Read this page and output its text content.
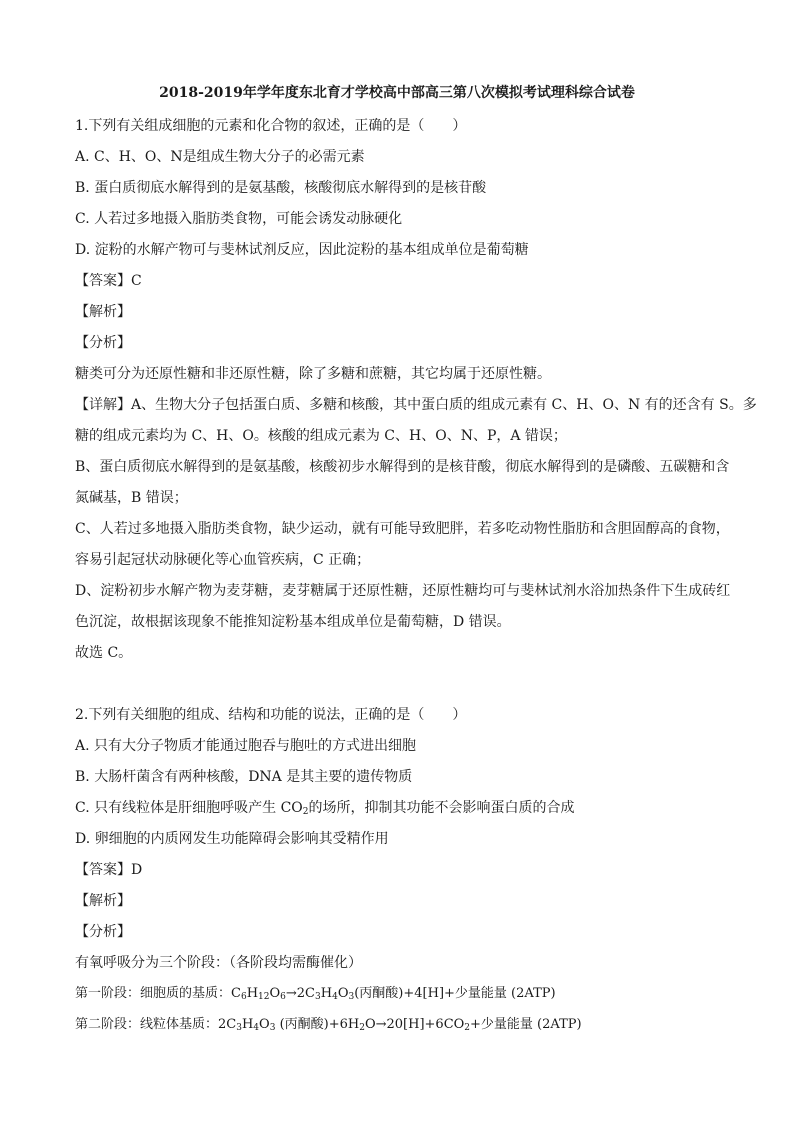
2018-2019年学年度东北育才学校高中部高三第八次模拟考试理科综合试卷
1.下列有关组成细胞的元素和化合物的叙述，正确的是（　　）
A. C、H、O、N是组成生物大分子的必需元素
B. 蛋白质彻底水解得到的是氨基酸，核酸彻底水解得到的是核苷酸
C. 人若过多地摄入脂肪类食物，可能会诱发动脉硬化
D. 淀粉的水解产物可与斐林试剂反应，因此淀粉的基本组成单位是葡萄糖
【答案】C
【解析】
【分析】
糖类可分为还原性糖和非还原性糖，除了多糖和蔗糖，其它均属于还原性糖。
【详解】A、生物大分子包括蛋白质、多糖和核酸，其中蛋白质的组成元素有 C、H、O、N 有的还含有 S。多
糖的组成元素均为 C、H、O。核酸的组成元素为 C、H、O、N、P，A 错误；
B、蛋白质彻底水解得到的是氨基酸，核酸初步水解得到的是核苷酸，彻底水解得到的是磷酸、五碳糖和含
氮碱基，B 错误；
C、人若过多地摄入脂肪类食物，缺少运动，就有可能导致肥胖，若多吃动物性脂肪和含胆固醇高的食物，
容易引起冠状动脉硬化等心血管疾病，C 正确；
D、淀粉初步水解产物为麦芽糖，麦芽糖属于还原性糖，还原性糖均可与斐林试剂水浴加热条件下生成砖红
色沉淀，故根据该现象不能推知淀粉基本组成单位是葡萄糖，D 错误。
故选 C。
2.下列有关细胞的组成、结构和功能的说法，正确的是（　　）
A. 只有大分子物质才能通过胞吞与胞吐的方式进出细胞
B. 大肠杆菌含有两种核酸，DNA 是其主要的遗传物质
C. 只有线粒体是肝细胞呼吸产生 $CO_2$的场所，抑制其功能不会影响蛋白质的合成
D. 卵细胞的内质网发生功能障碍会影响其受精作用
【答案】D
【解析】
【分析】
有氧呼吸分为三个阶段：（各阶段均需酶催化）
第一阶段：细胞质的基质：$C_6H_{12}O_6\to 2C_3H_4O_3$(丙酮酸)+4[H]+少量能量 (2ATP)
第二阶段：线粒体基质：$2C_3H_4O_3$ (丙酮酸)$+6H_2O\to 20[H]+6CO_2+$少量能量 (2ATP)
